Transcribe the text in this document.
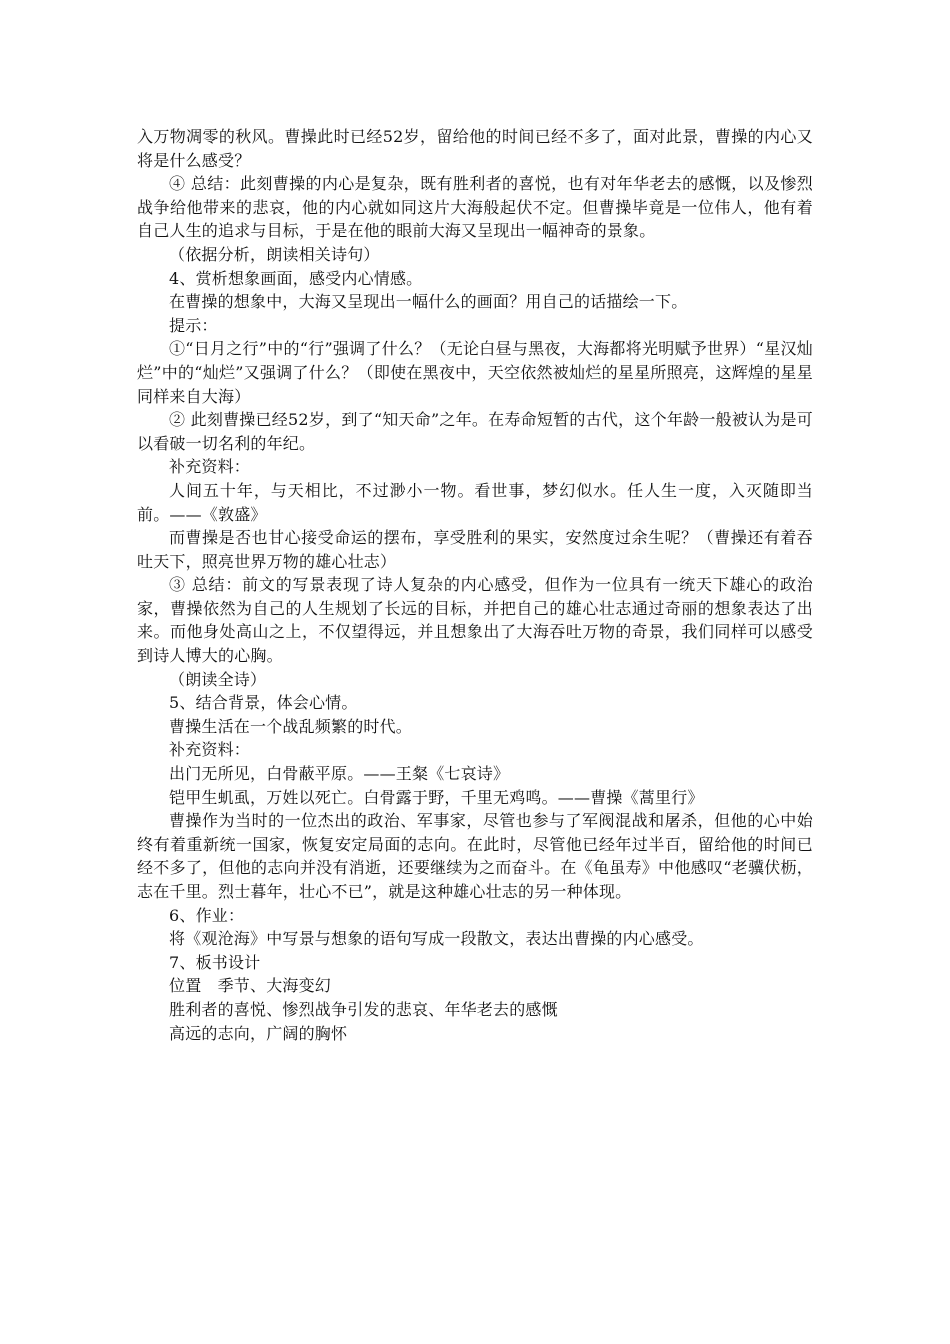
入万物凋零的秋风。曹操此时已经52岁，留给他的时间已经不多了，面对此景，曹操的内心又将是什么感受？

④ 总结：此刻曹操的内心是复杂，既有胜利者的喜悦，也有对年华老去的感慨，以及惨烈战争给他带来的悲哀，他的内心就如同这片大海般起伏不定。但曹操毕竟是一位伟人，他有着自己人生的追求与目标，于是在他的眼前大海又呈现出一幅神奇的景象。

（依据分析，朗读相关诗句）

4、赏析想象画面，感受内心情感。

在曹操的想象中，大海又呈现出一幅什么的画面？用自己的话描绘一下。

提示：

①“日月之行”中的“行”强调了什么？（无论白昼与黑夜，大海都将光明赋予世界）“星汉灿烂”中的“灿烂”又强调了什么？（即使在黑夜中，天空依然被灿烂的星星所照亮，这辉煌的星星同样来自大海）

② 此刻曹操已经52岁，到了“知天命”之年。在寿命短暂的古代，这个年龄一般被认为是可以看破一切名利的年纪。

补充资料：

人间五十年，与天相比，不过渺小一物。看世事，梦幻似水。任人生一度，入灭随即当前。——《敦盛》

而曹操是否也甘心接受命运的摆布，享受胜利的果实，安然度过余生呢？（曹操还有着吞吐天下，照亮世界万物的雄心壮志）

③ 总结：前文的写景表现了诗人复杂的内心感受，但作为一位具有一统天下雄心的政治家，曹操依然为自己的人生规划了长远的目标，并把自己的雄心壮志通过奇丽的想象表达了出来。而他身处高山之上，不仅望得远，并且想象出了大海吞吐万物的奇景，我们同样可以感受到诗人博大的心胸。

（朗读全诗）

5、结合背景，体会心情。

曹操生活在一个战乱频繁的时代。

补充资料：

出门无所见，白骨蔽平原。——王粲《七哀诗》

铠甲生虮虱，万姓以死亡。白骨露于野，千里无鸡鸣。——曹操《蒿里行》

曹操作为当时的一位杰出的政治、军事家，尽管也参与了军阀混战和屠杀，但他的心中始终有着重新统一国家，恢复安定局面的志向。在此时，尽管他已经年过半百，留给他的时间已经不多了，但他的志向并没有消逝，还要继续为之而奋斗。在《龟虽寿》中他感叹“老骥伏枥，志在千里。烈士暮年，壮心不已”，就是这种雄心壮志的另一种体现。

6、作业：

将《观沧海》中写景与想象的语句写成一段散文，表达出曹操的内心感受。

7、板书设计

位置　季节、大海变幻

胜利者的喜悦、惨烈战争引发的悲哀、年华老去的感慨

高远的志向，广阔的胸怀
